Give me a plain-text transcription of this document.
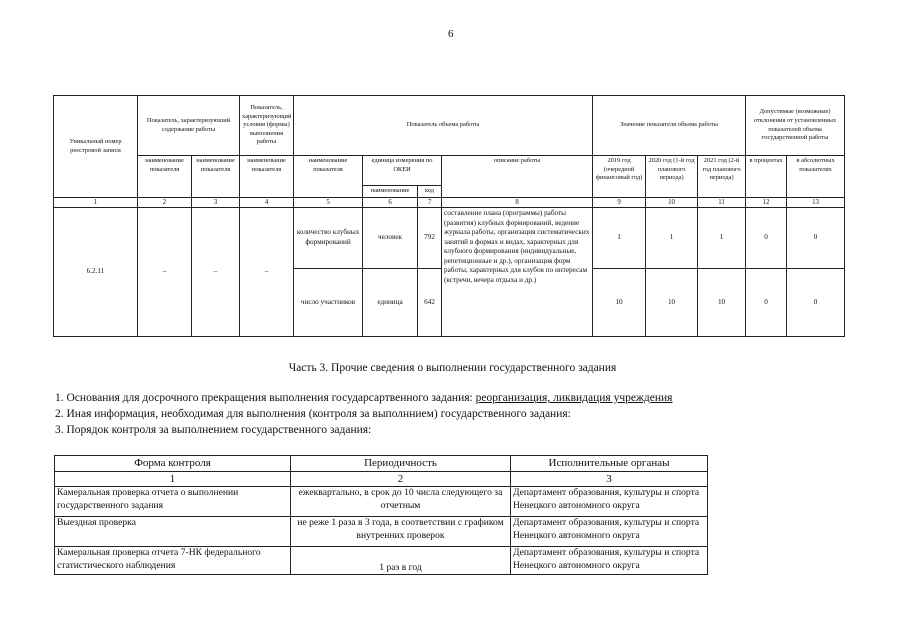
6
Уникальный номер реестровой записи	Показатель, характеризуюший содержание работы		Показатель, характеризующий условия (формы) выполнения работы	Показатель объема работы				Значение показателя объема работы			Допустимые (возможные) отклонения от установленных показателей объема государственной работы	
	наименование показателя	наименование показателя	наименование показателя	наименование показателя	единица измерения по ОКЕИ		описание работы	2019 год (очередной финансовый год)	2020 год (1-й год планового периода)	2021 год (2-й год планового периода)	в процентах	в абсолютных показателях
					наименование	код						
1	2	3	4	5	6	7	8	9	10	11	12	13
6.2.11	–	–	–	количество клубных формирований	человек	792	составление плана (программы) работы (развития) клубных формирований, ведение журнала работы, организация систематических занятий в формах и видах, характерных для клубного формирования (индивидуальные, репетиционные и др.), организация форм работы, характерных для клубов по интересам (встречи, вечера отдыха и др.)	1	1	1	0	0
				число участников	единица	642		10	10	10	0	0
Часть 3. Прочие сведения о выполнении государственного задания
1. Основания для досрочного прекращения выполнения государсартвенного задания: реорганизация, ликвидация учреждения
2. Иная информация, необходимая для выполнения (контроля за выполннием) государственного задания:
3. Порядок контроля за выполнением государственного задания:
Форма контроля	Периодичность	Исполнительные органаы
1	2	3
Камеральная проверка отчета о выполнении государственного задания	ежеквартально, в срок до 10 числа следующего за отчетным	Департамент образования, культуры и спорта Ненецкого автономного округа
Выездная проверка	не реже 1 раза в 3 года, в соответствии с графиком внутренних проверок	Департамент образования, культуры и спорта Ненецкого автономного округа
Камеральная проверка отчета 7-НК федерального статистического наблюдения	1 раз в год	Департамент образования, культуры и спорта Ненецкого автономного округа
